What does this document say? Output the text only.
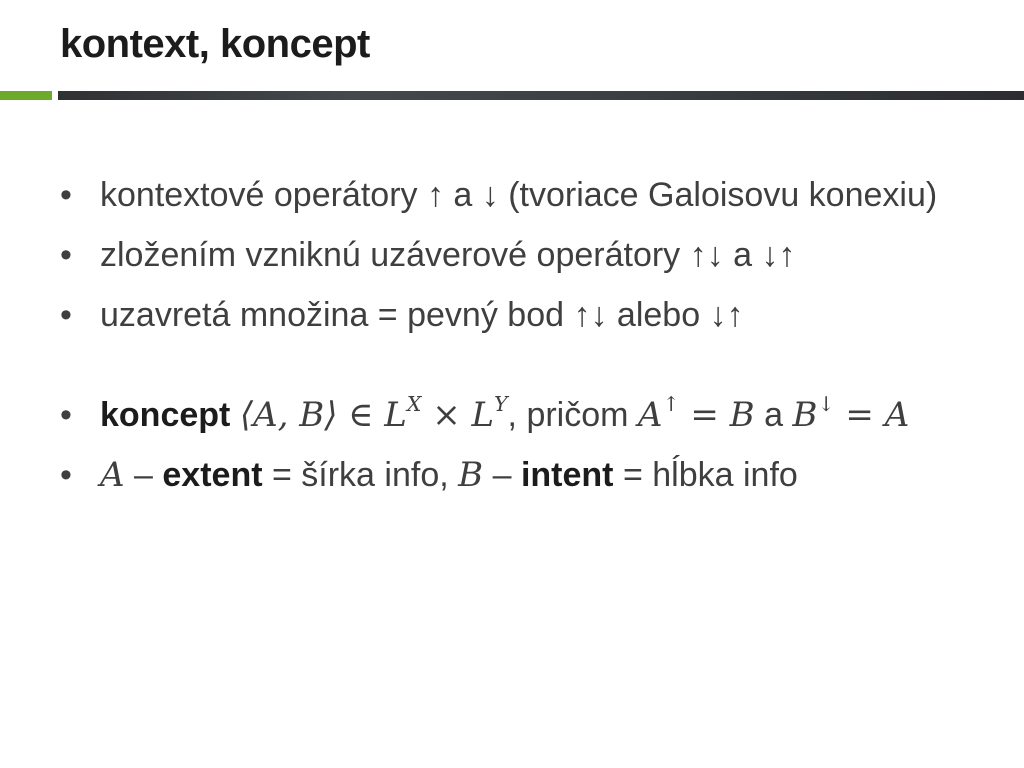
kontext, koncept
• kontextové operátory ↑ a ↓ (tvoriace Galoisovu konexiu)
• zložením vzniknú uzáverové operátory ↑↓ a ↓↑
• uzavretá množina = pevný bod ↑↓ alebo ↓↑
• koncept ⟨A, B⟩ ∈ $L^X \times L^Y$, pričom A↑ = B a B↓ = A
• A – extent = šírka info, B – intent = hĺbka info
